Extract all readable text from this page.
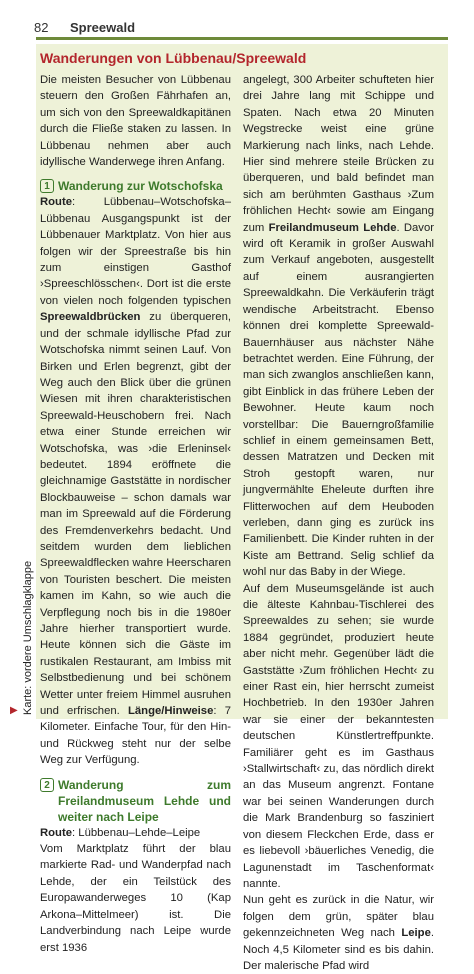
82 Spreewald
Wanderungen von Lübbenau/Spreewald

Die meisten Besucher von Lübbenau steuern den Großen Fährhafen an, um sich von den Spreewaldkapitänen durch die Fließe staken zu lassen. In Lübbenau nehmen aber auch idyllische Wanderwege ihren Anfang.

1 Wanderung zur Wotschofska

Route: Lübbenau–Wotschofska–Lübbenau Ausgangspunkt ist der Lübbenauer Marktplatz. Von hier aus folgen wir der Spreestraße bis hin zum einstigen Gasthof ›Spreeschlösschen‹. Dort ist die erste von vielen noch folgenden typischen Spreewaldbrücken zu überqueren, und der schmale idyllische Pfad zur Wotschofska nimmt seinen Lauf. Von Birken und Erlen begrenzt, gibt der Weg auch den Blick über die grünen Wiesen mit ihren charakteristischen Spreewald-Heuschobern frei. Nach etwa einer Stunde erreichen wir Wotschofska, was ›die Erleninsel‹ bedeutet. 1894 eröffnete die gleichnamige Gaststätte in nordischer Blockbauweise – schon damals war man im Spreewald auf die Förderung des Fremdenverkehrs bedacht. Und seitdem wurden dem lieblichen Spreewaldflecken wahre Heerscharen von Touristen beschert. Die meisten kamen im Kahn, so wie auch die Verpflegung noch bis in die 1980er Jahre hierher transportiert wurde. Heute können sich die Gäste im rustikalen Restaurant, am Imbiss mit Selbstbedienung und bei schönem Wetter unter freiem Himmel ausruhen und erfrischen. Länge/Hinweise: 7 Kilometer. Einfache Tour, für den Hin- und Rückweg steht nur der selbe Weg zur Verfügung.

2 Wanderung zum Freilandmuseum Lehde und weiter nach Leipe

Route: Lübbenau–Lehde–Leipe

Vom Marktplatz führt der blau markierte Rad- und Wanderpfad nach Lehde, der ein Teilstück des Europawanderweges 10 (Kap Arkona–Mittelmeer) ist. Die Landverbindung nach Leipe wurde erst 1936

angelegt, 300 Arbeiter schufteten hier drei Jahre lang mit Schippe und Spaten. Nach etwa 20 Minuten Wegstrecke weist eine grüne Markierung nach links, nach Lehde. Hier sind mehrere steile Brücken zu überqueren, und bald befindet man sich am berühmten Gasthaus ›Zum fröhlichen Hecht‹ sowie am Eingang zum Freilandmuseum Lehde. Davor wird oft Keramik in großer Auswahl zum Verkauf angeboten, ausgestellt auf einem ausrangierten Spreewaldkahn. Die Verkäuferin trägt wendische Arbeitstracht. Ebenso können drei komplette Spreewald-Bauernhäuser aus nächster Nähe betrachtet werden. Eine Führung, der man sich zwanglos anschließen kann, gibt Einblick in das frühere Leben der Bewohner. Heute kaum noch vorstellbar: Die Bauerngroßfamilie schlief in einem gemeinsamen Bett, dessen Matratzen und Decken mit Stroh gestopft waren, nur jungvermählte Eheleute durften ihre Flitterwochen auf dem Heuboden verleben, dann ging es zurück ins Familienbett. Die Kinder ruhten in der Kiste am Bettrand. Selig schlief da wohl nur das Baby in der Wiege.

Auf dem Museumsgelände ist auch die älteste Kahnbau-Tischlerei des Spreewaldes zu sehen; sie wurde 1884 gegründet, produziert heute aber nicht mehr. Gegenüber lädt die Gaststätte ›Zum fröhlichen Hecht‹ zu einer Rast ein, hier herrscht zumeist Hochbetrieb. In den 1930er Jahren war sie einer der bekanntesten deutschen Künstlertreffpunkte. Familiärer geht es im Gasthaus ›Stallwirtschaft‹ zu, das nördlich direkt an das Museum angrenzt. Fontane war bei seinen Wanderungen durch die Mark Brandenburg so fasziniert von diesem Fleckchen Erde, dass er es liebevoll ›bäuerliches Venedig, die Lagunenstadt im Taschenformat‹ nannte.

Nun geht es zurück in die Natur, wir folgen dem grün, später blau gekennzeichneten Weg nach Leipe. Noch 4,5 Kilometer sind es bis dahin. Der malerische Pfad wird

Karte: vordere Umschlagklappe
▶
